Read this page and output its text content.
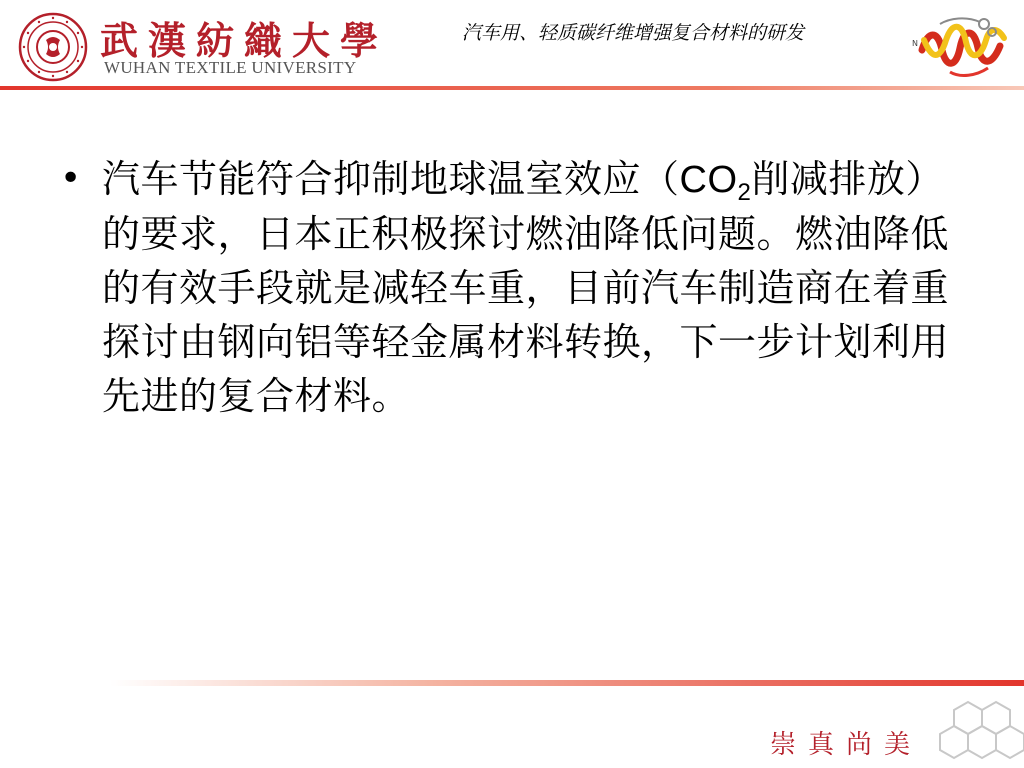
武漢紡織大學
WUHAN TEXTILE UNIVERSITY
汽车用、轻质碳纤维增强复合材料的研发	N
• 汽车节能符合抑制地球温室效应（$CO_2$削减排放）的要求，日本正积极探讨燃油降低问题。燃油降低的有效手段就是减轻车重，目前汽车制造商在着重探讨由钢向铝等轻金属材料转换，下一步计划利用先进的复合材料。
崇真尚美
